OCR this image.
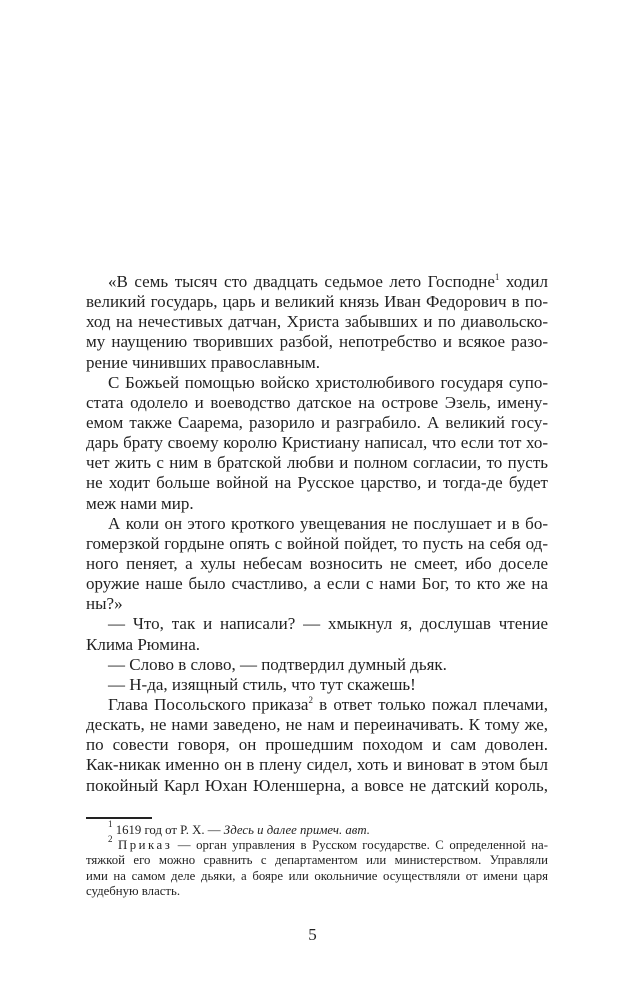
«В семь тысяч сто двадцать седьмое лето Господне$^1$ ходил
великий государь, царь и великий князь Иван Федорович в по-
ход на нечестивых датчан, Христа забывших и по диавольско-
му наущению творивших разбой, непотребство и всякое разо-
рение чинивших православным.
С Божьей помощью войско христолюбивого государя супо-
стата одолело и воеводство датское на острове Эзель, имену-
емом также Саарема, разорило и разграбило. А великий госу-
дарь брату своему королю Кристиану написал, что если тот хо-
чет жить с ним в братской любви и полном согласии, то пусть
не ходит больше войной на Русское царство, и тогда-де будет
меж нами мир.
А коли он этого кроткого увещевания не послушает и в бо-
гомерзкой гордыне опять с войной пойдет, то пусть на себя од-
ного пеняет, а хулы небесам возносить не смеет, ибо доселе
оружие наше было счастливо, а если с нами Бог, то кто же на
ны?»
— Что, так и написали? — хмыкнул я, дослушав чтение
Клима Рюмина.
— Слово в слово, — подтвердил думный дьяк.
— Н-да, изящный стиль, что тут скажешь!
Глава Посольского приказа$^2$ в ответ только пожал плечами,
дескать, не нами заведено, не нам и переиначивать. К тому же,
по совести говоря, он прошедшим походом и сам доволен.
Как-никак именно он в плену сидел, хоть и виноват в этом был
покойный Карл Юхан Юленшерна, а вовсе не датский король,
$^1$ 1619 год от Р. Х. — Здесь и далее примеч. авт.
$^2$ Приказ — орган управления в Русском государстве. С определенной на-
тяжкой его можно сравнить с департаментом или министерством. Управляли
ими на самом деле дьяки, а бояре или окольничие осуществляли от имени царя
судебную власть.
5
